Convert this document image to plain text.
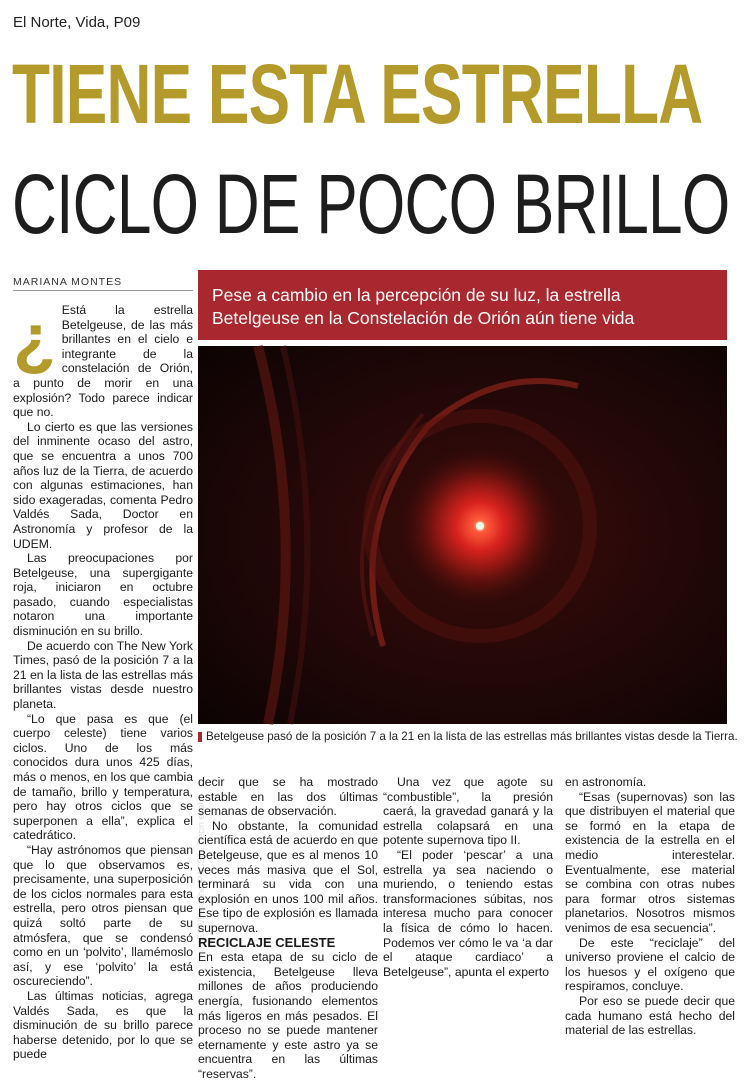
El Norte, Vida, P09
TIENE ESTA ESTRELLA
CICLO DE POCO BRILLO
MARIANA MONTES
Pese a cambio en la percepción de su luz, la estrella
Betelgeuse en la Constelación de Orión aún tiene vida
ESA/Herschel/PACS/L. Decin et al
Betelgeuse pasó de la posición 7 a la 21 en la lista de las estrellas más brillantes vistas desde la Tierra.

¿ Está la estrella Betelgeuse, de las más brillantes en el cielo e integrante de la constelación de Orión, a punto de morir en una explosión? Todo parece indicar que no.

Lo cierto es que las versiones del inminente ocaso del astro, que se encuentra a unos 700 años luz de la Tierra, de acuerdo con algunas estimaciones, han sido exageradas, comenta Pedro Valdés Sada, Doctor en Astronomía y profesor de la UDEM.

Las preocupaciones por Betelgeuse, una supergigante roja, iniciaron en octubre pasado, cuando especialistas notaron una importante disminución en su brillo.

De acuerdo con The New York Times, pasó de la posición 7 a la 21 en la lista de las estrellas más brillantes vistas desde nuestro planeta.

“Lo que pasa es que (el cuerpo celeste) tiene varios ciclos. Uno de los más conocidos dura unos 425 días, más o menos, en los que cambia de tamaño, brillo y temperatura, pero hay otros ciclos que se superponen a ella”, explica el catedrático.

“Hay astrónomos que piensan que lo que observamos es, precisamente, una superposición de los ciclos normales para esta estrella, pero otros piensan que quizá soltó parte de su atmósfera, que se condensó como en un ‘polvito’, llamémoslo así, y ese ‘polvito’ la está oscureciendo”.

Las últimas noticias, agrega Valdés Sada, es que la disminución de su brillo parece haberse detenido, por lo que se puede

decir que se ha mostrado estable en las dos últimas semanas de observación.

No obstante, la comunidad científica está de acuerdo en que Betelgeuse, que es al menos 10 veces más masiva que el Sol, terminará su vida con una explosión en unos 100 mil años. Ese tipo de explosión es llamada supernova.

RECICLAJE CELESTE

En esta etapa de su ciclo de existencia, Betelgeuse lleva millones de años produciendo energía, fusionando elementos más ligeros en más pesados. El proceso no se puede mantener eternamente y este astro ya se encuentra en las últimas “reservas”.

Una vez que agote su “combustible”, la presión caerá, la gravedad ganará y la estrella colapsará en una potente supernova tipo II.

“El poder ‘pescar’ a una estrella ya sea naciendo o muriendo, o teniendo estas transformaciones súbitas, nos interesa mucho para conocer la física de cómo lo hacen. Podemos ver cómo le va ‘a dar el ataque cardiaco’ a Betelgeuse”, apunta el experto

en astronomía.

“Esas (supernovas) son las que distribuyen el material que se formó en la etapa de existencia de la estrella en el medio interestelar. Eventualmente, ese material se combina con otras nubes para formar otros sistemas planetarios. Nosotros mismos venimos de esa secuencia”.

De este “reciclaje” del universo proviene el calcio de los huesos y el oxígeno que respiramos, concluye.

Por eso se puede decir que cada humano está hecho del material de las estrellas.
